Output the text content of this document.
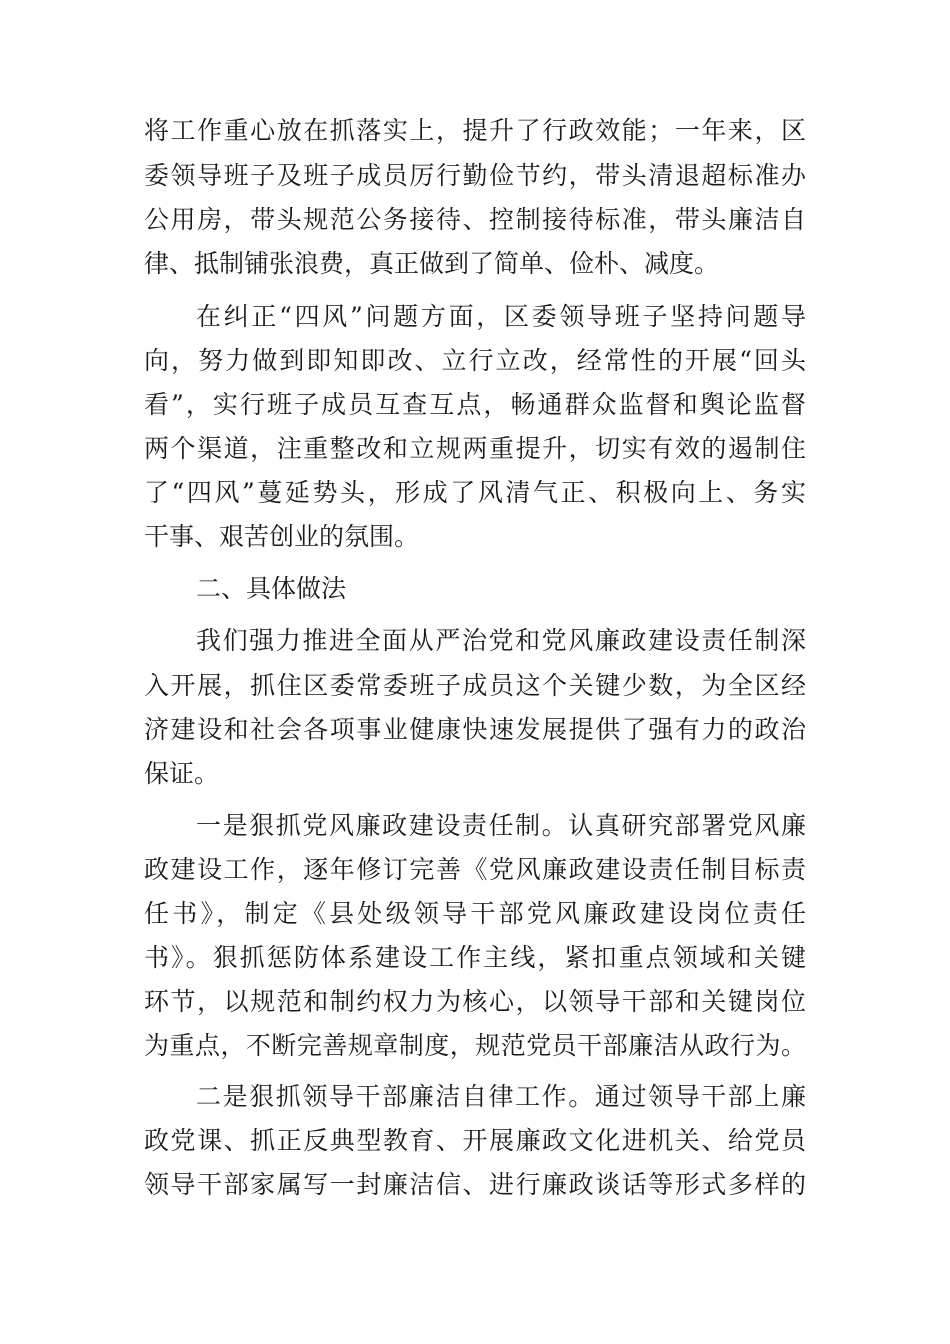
将工作重心放在抓落实上，提升了行政效能；一年来，区
委领导班子及班子成员厉行勤俭节约，带头清退超标准办
公用房，带头规范公务接待、控制接待标准，带头廉洁自
律、抵制铺张浪费，真正做到了简单、俭朴、减度。
在纠正“四风”问题方面，区委领导班子坚持问题导
向，努力做到即知即改、立行立改，经常性的开展“回头
看”，实行班子成员互查互点，畅通群众监督和舆论监督
两个渠道，注重整改和立规两重提升，切实有效的遏制住
了“四风”蔓延势头，形成了风清气正、积极向上、务实
干事、艰苦创业的氛围。
二、具体做法
我们强力推进全面从严治党和党风廉政建设责任制深
入开展，抓住区委常委班子成员这个关键少数，为全区经
济建设和社会各项事业健康快速发展提供了强有力的政治
保证。
一是狠抓党风廉政建设责任制。认真研究部署党风廉
政建设工作，逐年修订完善《党风廉政建设责任制目标责
任书》，制定《县处级领导干部党风廉政建设岗位责任
书》。狠抓惩防体系建设工作主线，紧扣重点领域和关键
环节，以规范和制约权力为核心，以领导干部和关键岗位
为重点，不断完善规章制度，规范党员干部廉洁从政行为。
二是狠抓领导干部廉洁自律工作。通过领导干部上廉
政党课、抓正反典型教育、开展廉政文化进机关、给党员
领导干部家属写一封廉洁信、进行廉政谈话等形式多样的
